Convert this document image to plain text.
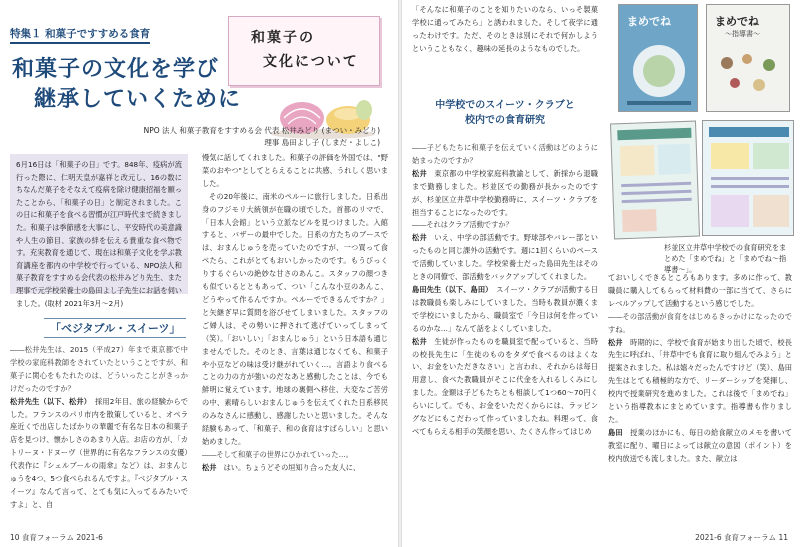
特集１ 和菓子ですすめる食育	和菓子の
文化について
和菓子の文化を学び
継承していくために
NPO 法人 和菓子教育をすすめる会 代表 松井みどり (まつい・みどり)
理事 島田よし子 (しまだ・よしこ)
6月16日は「和菓子の日」です。848年、疫病が流行った際に、仁明天皇が嘉祥と改元し、16の数にちなんだ菓子をそなえて疫病を除け健康招福を願ったことから、「和菓子の日」と制定されました。この日に和菓子を食べる習慣が江戸時代まで続きました。和菓子は季節感を大事にし、平安時代の美意識や人生の節目、家族の絆を伝える貴重な食べ物です。充実教育を通じて、現在は和菓子文化を学ぶ教育講座を都内の中学校で行っている、NPO法人和菓子教育をすすめる会代表の松井みどり先生、また理事で元学校栄養士の島田よし子先生にお話を伺いました。(取材 2021年3月〜2月)
「ベジタブル・スイーツ」

――松井先生は、2015（平成27）年まで東京都で中学校の家庭科教師をされていたということですが、和菓子に関心をもたれたのは、どういったことがきっかけだったのですか？

松井先生（以下、松井）　採用2年目、旅の経験からでした。フランスのパリ市内を散策していると、オペラ座近くで出店したばかりの華麗で有名な日本の和菓子店を見つけ、懐かしさのあまり入店。お店の方が、「カトリーヌ・ドヌーヴ（世界的に有名なフランスの女優）代表作に『シェルブールの雨傘』など）は、おまんじゅうを4つ、5つ食べられるんですよ。『ベジタブル・スイーツ』なんて言って、とても気に入ってるみたいですよ」と、自

慢気に話してくれました。和菓子の評価を外国では、"野菜のおやつ"としてとらえることに共感、うれしく思いました。

その20年後に、南米のペルーに旅行しました。日系出身のフジモリ大統領が在職の頃でした。首都のリマで、「日本人会館」という立派なビルを見つけました。入館すると、バザーの最中でした。日系の方たちのブースでは、おまんじゅうを売っていたのですが、一つ買って食べたら、これがとてもおいしかったのです。もうびっくりするぐらいの絶妙な甘さのあんこ。スタッフの顔つきも似ているとともあって、つい「こんな小豆のあんこ、どうやって作るんですか。ペルーでできるんですか？」と矢継ぎ早に質問を浴びせてしまいました。スタッフのご婦人は、その勢いに押されて逃げていってしまって（笑）。「おいしい」「おまんじゅう」という日本語も通じませんでした。そのとき、言葉は通じなくても、和菓子や小豆などの味は受け継がれていく…。言語より食べることの力の方が強いのだなあと感動したことは、今でも鮮明に覚えています。地球の裏側へ移住、大変なご苦労の中、素晴らしいおまんじゅうを伝えてくれた日系移民のみなさんに感動し、感謝したいと思いました。そんな経験もあって、「和菓子、和の食育はすばらしい」と思い始めました。

――そして和菓子の世界にひかれていった…。

松井　はい。ちょうどその垣知り合った友人に、

10 食育フォーラム 2021-6

「そんなに和菓子のことを知りたいのなら、いっそ製菓学校に通ってみたら」と誘われました。そして夜学に通ったわけです。ただ、そのときは別にそれで何かしようということもなく、趣味の延長のようなものでした。

中学校でのスイーツ・クラブと
校内での食育研究

――子どもたちに和菓子を伝えていく活動はどのように始まったのですか？

松井　東京都の中学校家庭科教諭として、新採から退職まで勤務しました。杉並区での勤務が長かったのですが、杉並区立井草中学校勤務時に、スイーツ・クラブを担当することになったのです。

――それはクラブ活動ですか？

松井　いえ、中学の部活動です。野球部やバレー部といったものと同じ課外の活動です。週に1回くらいのペースで活動していました。学校栄養士だった島田先生はそのときの同僚で、部活動をバックアップしてくれました。

島田先生（以下、島田）　スイーツ・クラブが活動する日は教職員も楽しみにしていました。当時も教員が濃くまで学校にいましたから、職員室で「今日は何を作っているのかな…」なんて話をよくしていました。

松井　生徒が作ったものを職員室で配っていると、当時の校長先生に「生徒のものをタダで食べるのはよくない、お金をいただきなさい」と言われ、それからは毎日用意し、食べた教職員がそこに代金を入れるしくみにしました。金額は子どもたちとも相談して1つ60〜70円くらいにして。でも、お金をいただくからには、ラッピングなどにもこだわって作っていましたね。料理って、食べてもらえる相手の笑顔を思い、たくさん作ってはじめ

まめでね	まめでね
〜指導書〜
杉並区立井草中学校での食育研究をまとめた「まめでね」と「まめでね〜指導書〜」。

ておいしくできるところもあります。多めに作って、教職員に購入してもらって材料費の一部に当てて、さらにレベルアップして活動するという感じでした。

――その部活動が食育をはじめるきっかけになったのですね。

松井　時期的に、学校で食育が始まり出した頃で、校長先生に呼ばれ、「井草中でも食育に取り組んでみよう」と提案されました。私は嬉々だったんですけど（笑）、島田先生はとても積極的な方で、リーダーシップを発揮し、校内で授業研究を進めました。これは後で「まめでね」という指導教本にまとめています。指導書も作りました。

島田　授業のほかにも、毎日の給食献立のメモを書いて教室に配り、曜日によっては献立の意図（ポイント）を校内放送でも流しました。また、献立は

2021-6 食育フォーラム 11
